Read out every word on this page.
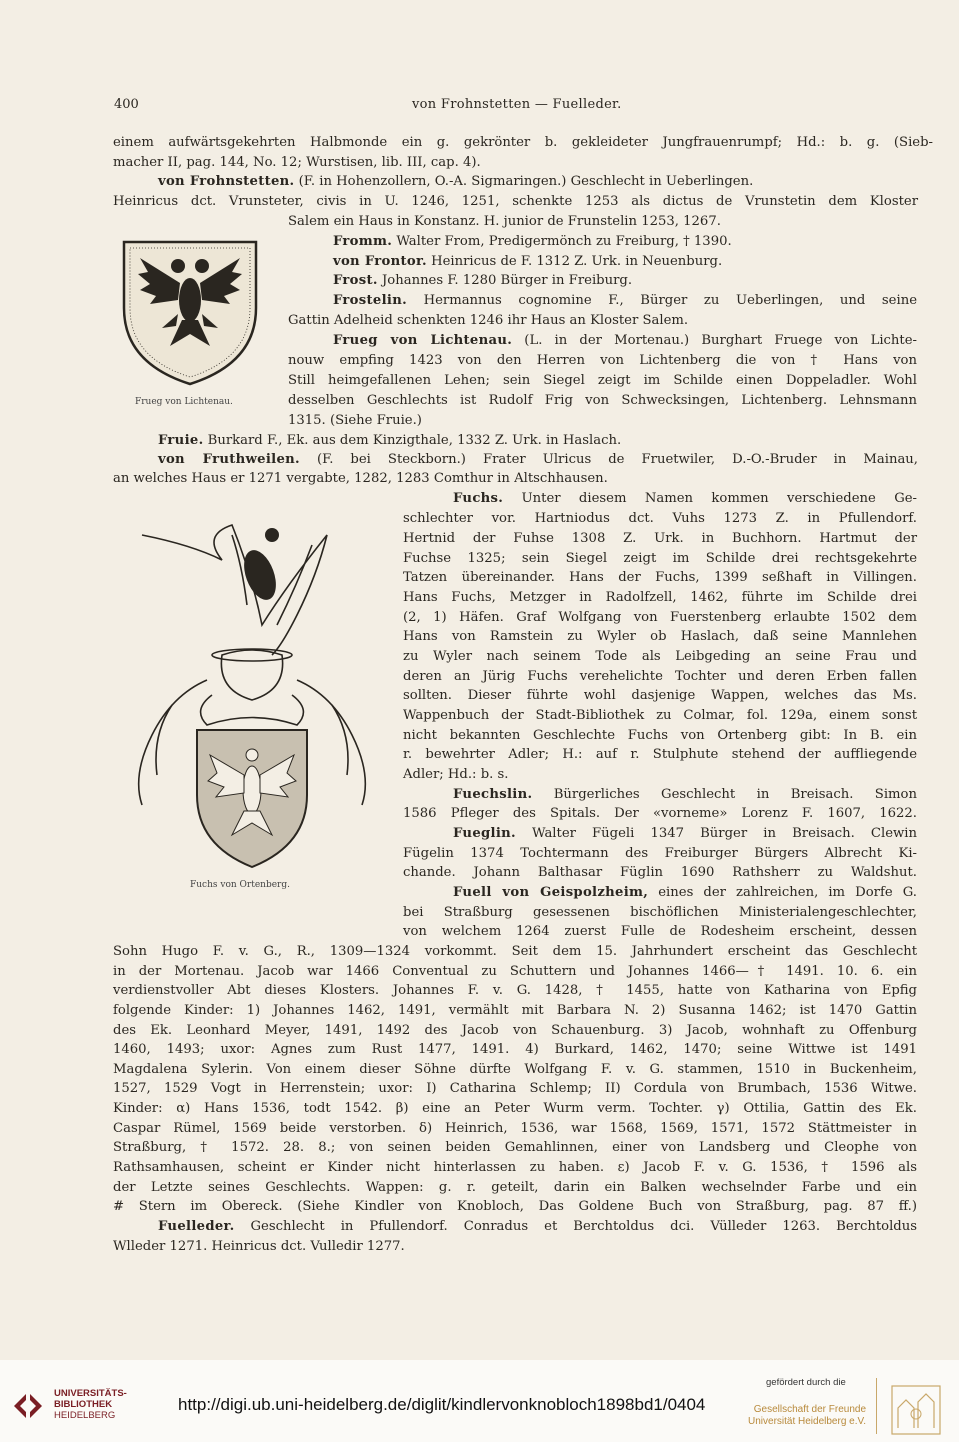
400	von Frohnstetten — Fuelleder.
Frueg von Lichtenau.
Fuchs von Ortenberg.
einem aufwärtsgekehrten Halbmonde ein g. gekrönter b. gekleideter Jungfrauenrumpf; Hd.: b. g. (Sieb-
macher II, pag. 144, No. 12; Wurstisen, lib. III, cap. 4).
von Frohnstetten. (F. in Hohenzollern, O.-A. Sigmaringen.) Geschlecht in Ueberlingen.
Heinricus dct. Vrunsteter, civis in U. 1246, 1251, schenkte 1253 als dictus de Vrunstetin dem Kloster
Salem ein Haus in Konstanz. H. junior de Frunstelin 1253, 1267.
Fromm. Walter From, Predigermönch zu Freiburg, † 1390.
von Frontor. Heinricus de F. 1312 Z. Urk. in Neuenburg.
Frost. Johannes F. 1280 Bürger in Freiburg.
Frostelin. Hermannus cognomine F., Bürger zu Ueberlingen, und seine
Gattin Adelheid schenkten 1246 ihr Haus an Kloster Salem.
Frueg von Lichtenau. (L. in der Mortenau.) Burghart Fruege von Lichte-
nouw empfing 1423 von den Herren von Lichtenberg die von † Hans von
Still heimgefallenen Lehen; sein Siegel zeigt im Schilde einen Doppeladler. Wohl
desselben Geschlechts ist Rudolf Frig von Schwecksingen, Lichtenberg. Lehnsmann
1315. (Siehe Fruie.)
Fruie. Burkard F., Ek. aus dem Kinzigthale, 1332 Z. Urk. in Haslach.
von Fruthweilen. (F. bei Steckborn.) Frater Ulricus de Fruetwiler, D.-O.-Bruder in Mainau,
an welches Haus er 1271 vergabte, 1282, 1283 Comthur in Altschhausen.
Fuchs. Unter diesem Namen kommen verschiedene Ge-
schlechter vor. Hartniodus dct. Vuhs 1273 Z. in Pfullendorf.
Hertnid der Fuhse 1308 Z. Urk. in Buchhorn. Hartmut der
Fuchse 1325; sein Siegel zeigt im Schilde drei rechtsgekehrte
Tatzen übereinander. Hans der Fuchs, 1399 seßhaft in Villingen.
Hans Fuchs, Metzger in Radolfzell, 1462, führte im Schilde drei
(2, 1) Häfen. Graf Wolfgang von Fuerstenberg erlaubte 1502 dem
Hans von Ramstein zu Wyler ob Haslach, daß seine Mannlehen
zu Wyler nach seinem Tode als Leibgeding an seine Frau und
deren an Jürig Fuchs verehelichte Tochter und deren Erben fallen
sollten. Dieser führte wohl dasjenige Wappen, welches das Ms.
Wappenbuch der Stadt-Bibliothek zu Colmar, fol. 129a, einem sonst
nicht bekannten Geschlechte Fuchs von Ortenberg gibt: In B. ein
r. bewehrter Adler; H.: auf r. Stulphute stehend der auffliegende
Adler; Hd.: b. s.
Fuechslin. Bürgerliches Geschlecht in Breisach. Simon
1586 Pfleger des Spitals. Der «vorneme» Lorenz F. 1607, 1622.
Fueglin. Walter Fügeli 1347 Bürger in Breisach. Clewin
Fügelin 1374 Tochtermann des Freiburger Bürgers Albrecht Ki-
chande. Johann Balthasar Füglin 1690 Rathsherr zu Waldshut.
Fuell von Geispolzheim, eines der zahlreichen, im Dorfe G.
bei Straßburg gesessenen bischöflichen Ministerialengeschlechter,
von welchem 1264 zuerst Fulle de Rodesheim erscheint, dessen
Sohn Hugo F. v. G., R., 1309—1324 vorkommt. Seit dem 15. Jahrhundert erscheint das Geschlecht
in der Mortenau. Jacob war 1466 Conventual zu Schuttern und Johannes 1466—† 1491. 10. 6. ein
verdienstvoller Abt dieses Klosters. Johannes F. v. G. 1428, † 1455, hatte von Katharina von Epfig
folgende Kinder: 1) Johannes 1462, 1491, vermählt mit Barbara N. 2) Susanna 1462; ist 1470 Gattin
des Ek. Leonhard Meyer, 1491, 1492 des Jacob von Schauenburg. 3) Jacob, wohnhaft zu Offenburg
1460, 1493; uxor: Agnes zum Rust 1477, 1491. 4) Burkard, 1462, 1470; seine Wittwe ist 1491
Magdalena Sylerin. Von einem dieser Söhne dürfte Wolfgang F. v. G. stammen, 1510 in Buckenheim,
1527, 1529 Vogt in Herrenstein; uxor: I) Catharina Schlemp; II) Cordula von Brumbach, 1536 Witwe.
Kinder: α) Hans 1536, todt 1542. β) eine an Peter Wurm verm. Tochter. γ) Ottilia, Gattin des Ek.
Caspar Rümel, 1569 beide verstorben. δ) Heinrich, 1536, war 1568, 1569, 1571, 1572 Stättmeister in
Straßburg, † 1572. 28. 8.; von seinen beiden Gemahlinnen, einer von Landsberg und Cleophe von
Rathsamhausen, scheint er Kinder nicht hinterlassen zu haben. ε) Jacob F. v. G. 1536, † 1596 als
der Letzte seines Geschlechts. Wappen: g. r. geteilt, darin ein Balken wechselnder Farbe und ein
# Stern im Obereck. (Siehe Kindler von Knobloch, Das Goldene Buch von Straßburg, pag. 87 ff.)
Fuelleder. Geschlecht in Pfullendorf. Conradus et Berchtoldus dci. Vülleder 1263. Berchtoldus
Wlleder 1271. Heinricus dct. Vulledir 1277.
UNIVERSITÄTS-
BIBLIOTHEK
HEIDELBERG
http://digi.ub.uni-heidelberg.de/diglit/kindlervonknobloch1898bd1/0404
gefördert durch die
Gesellschaft der Freunde
Universität Heidelberg e.V.
